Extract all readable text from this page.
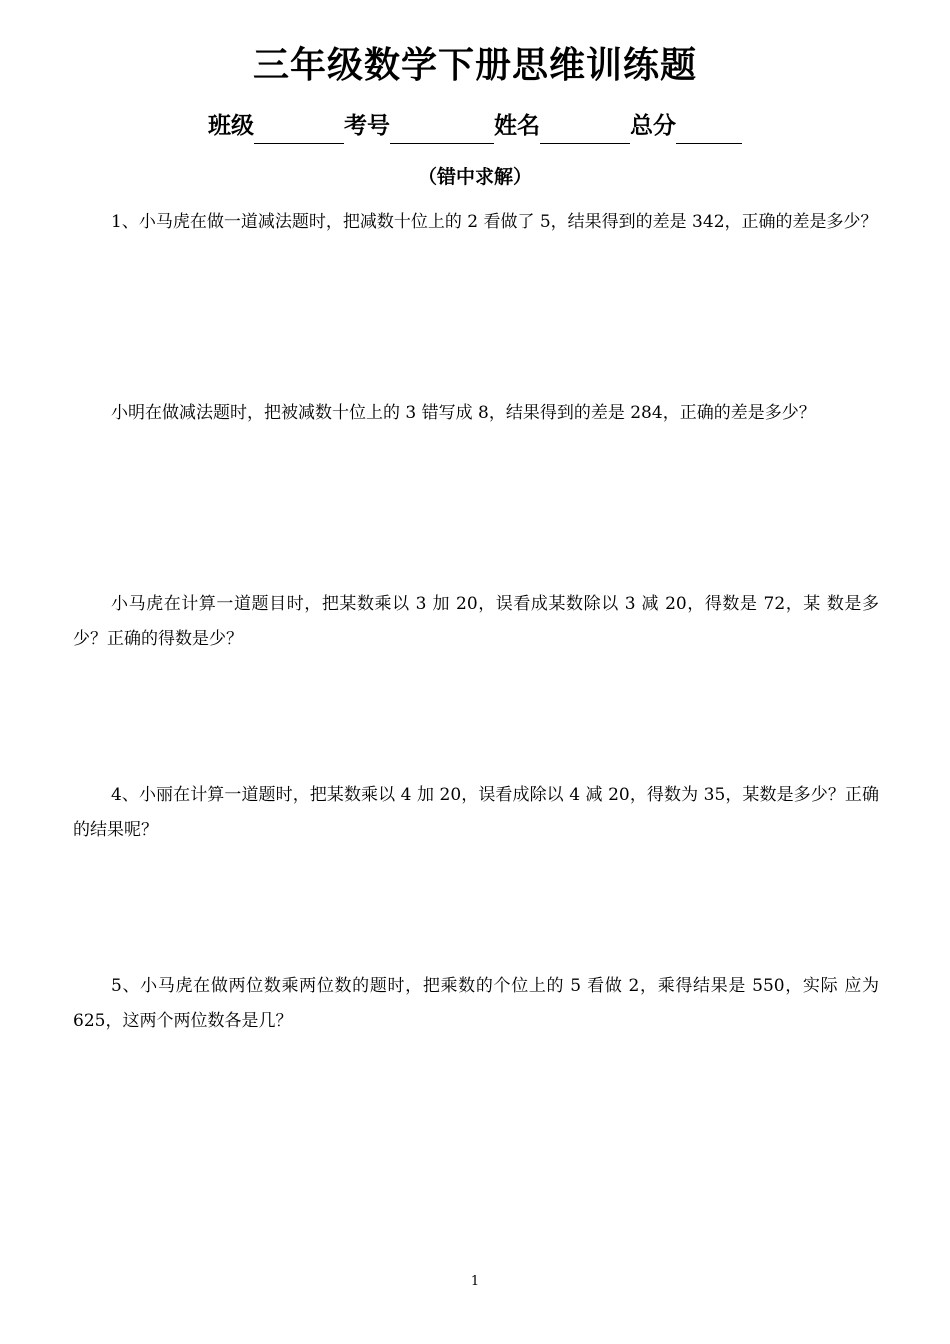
三年级数学下册思维训练题
班级	考号	姓名	总分
（错中求解）
1、小马虎在做一道减法题时，把减数十位上的 2 看做了 5，结果得到的差是 342，正确的差是多少？
小明在做减法题时，把被减数十位上的 3 错写成 8，结果得到的差是 284，正确的差是多少？
小马虎在计算一道题目时，把某数乘以 3 加 20，误看成某数除以 3 减 20，得数是 72，某 数是多少？正确的得数是少？
4、小丽在计算一道题时，把某数乘以 4 加 20，误看成除以 4 减 20，得数为 35，某数是多少？正确的结果呢？
5、小马虎在做两位数乘两位数的题时，把乘数的个位上的 5 看做 2，乘得结果是 550，实际 应为 625，这两个两位数各是几？
1
